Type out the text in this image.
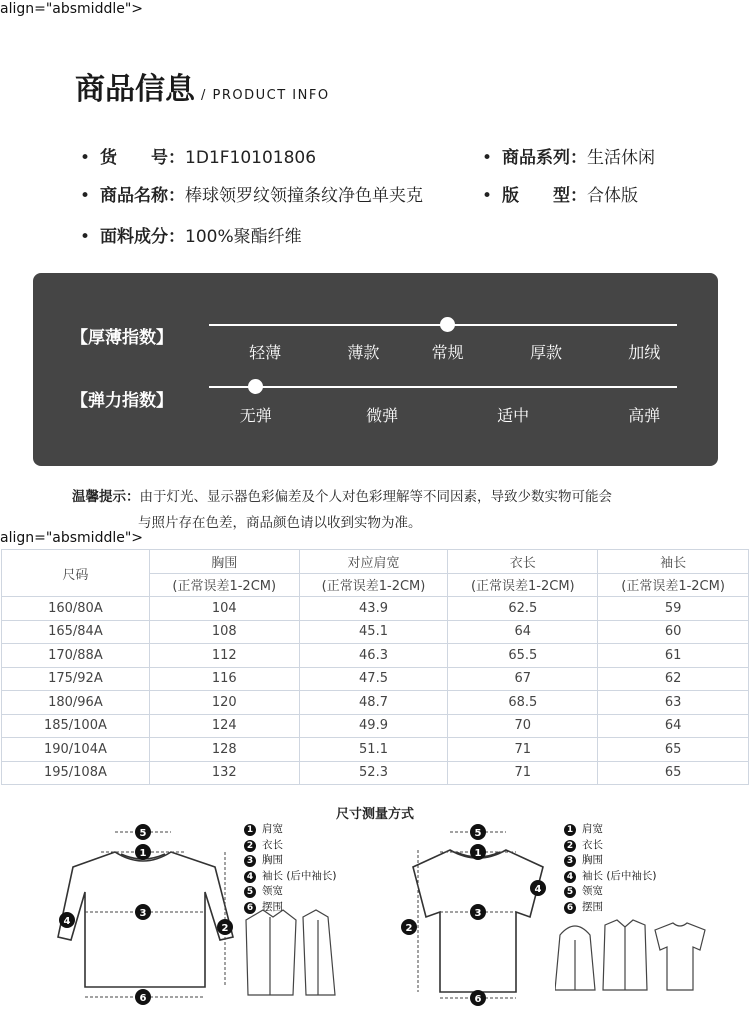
align="absmiddle">
商品信息 / PRODUCT INFO
• 货　　号：1D1F10101806	• 商品系列：生活休闲
• 商品名称：棒球领罗纹领撞条纹净色单夹克	• 版　　型：合体版
• 面料成分：100%聚酯纤维
【厚薄指数】
轻薄	薄款	常规	厚款	加绒
【弹力指数】
无弹	微弹	适中	高弹
温馨提示：由于灯光、显示器色彩偏差及个人对色彩理解等不同因素，导致少数实物可能会
与照片存在色差，商品颜色请以收到实物为准。
align="absmiddle">
尺码	胸围	对应肩宽	衣长	袖长
	(正常误差1-2CM)	(正常误差1-2CM)	(正常误差1-2CM)	(正常误差1-2CM)
160/80A	104	43.9	62.5	59
165/84A	108	45.1	64	60
170/88A	112	46.3	65.5	61
175/92A	116	47.5	67	62
180/96A	120	48.7	68.5	63
185/100A	124	49.9	70	64
190/104A	128	51.1	71	65
195/108A	132	52.3	71	65
尺寸测量方式
5
1
3
6
4
2
1 肩宽
2 衣长
3 胸围
4 袖长 (后中袖长)
5 领宽
6 摆围
5
1
3
6
2
4
1 肩宽
2 衣长
3 胸围
4 袖长 (后中袖长)
5 领宽
6 摆围
